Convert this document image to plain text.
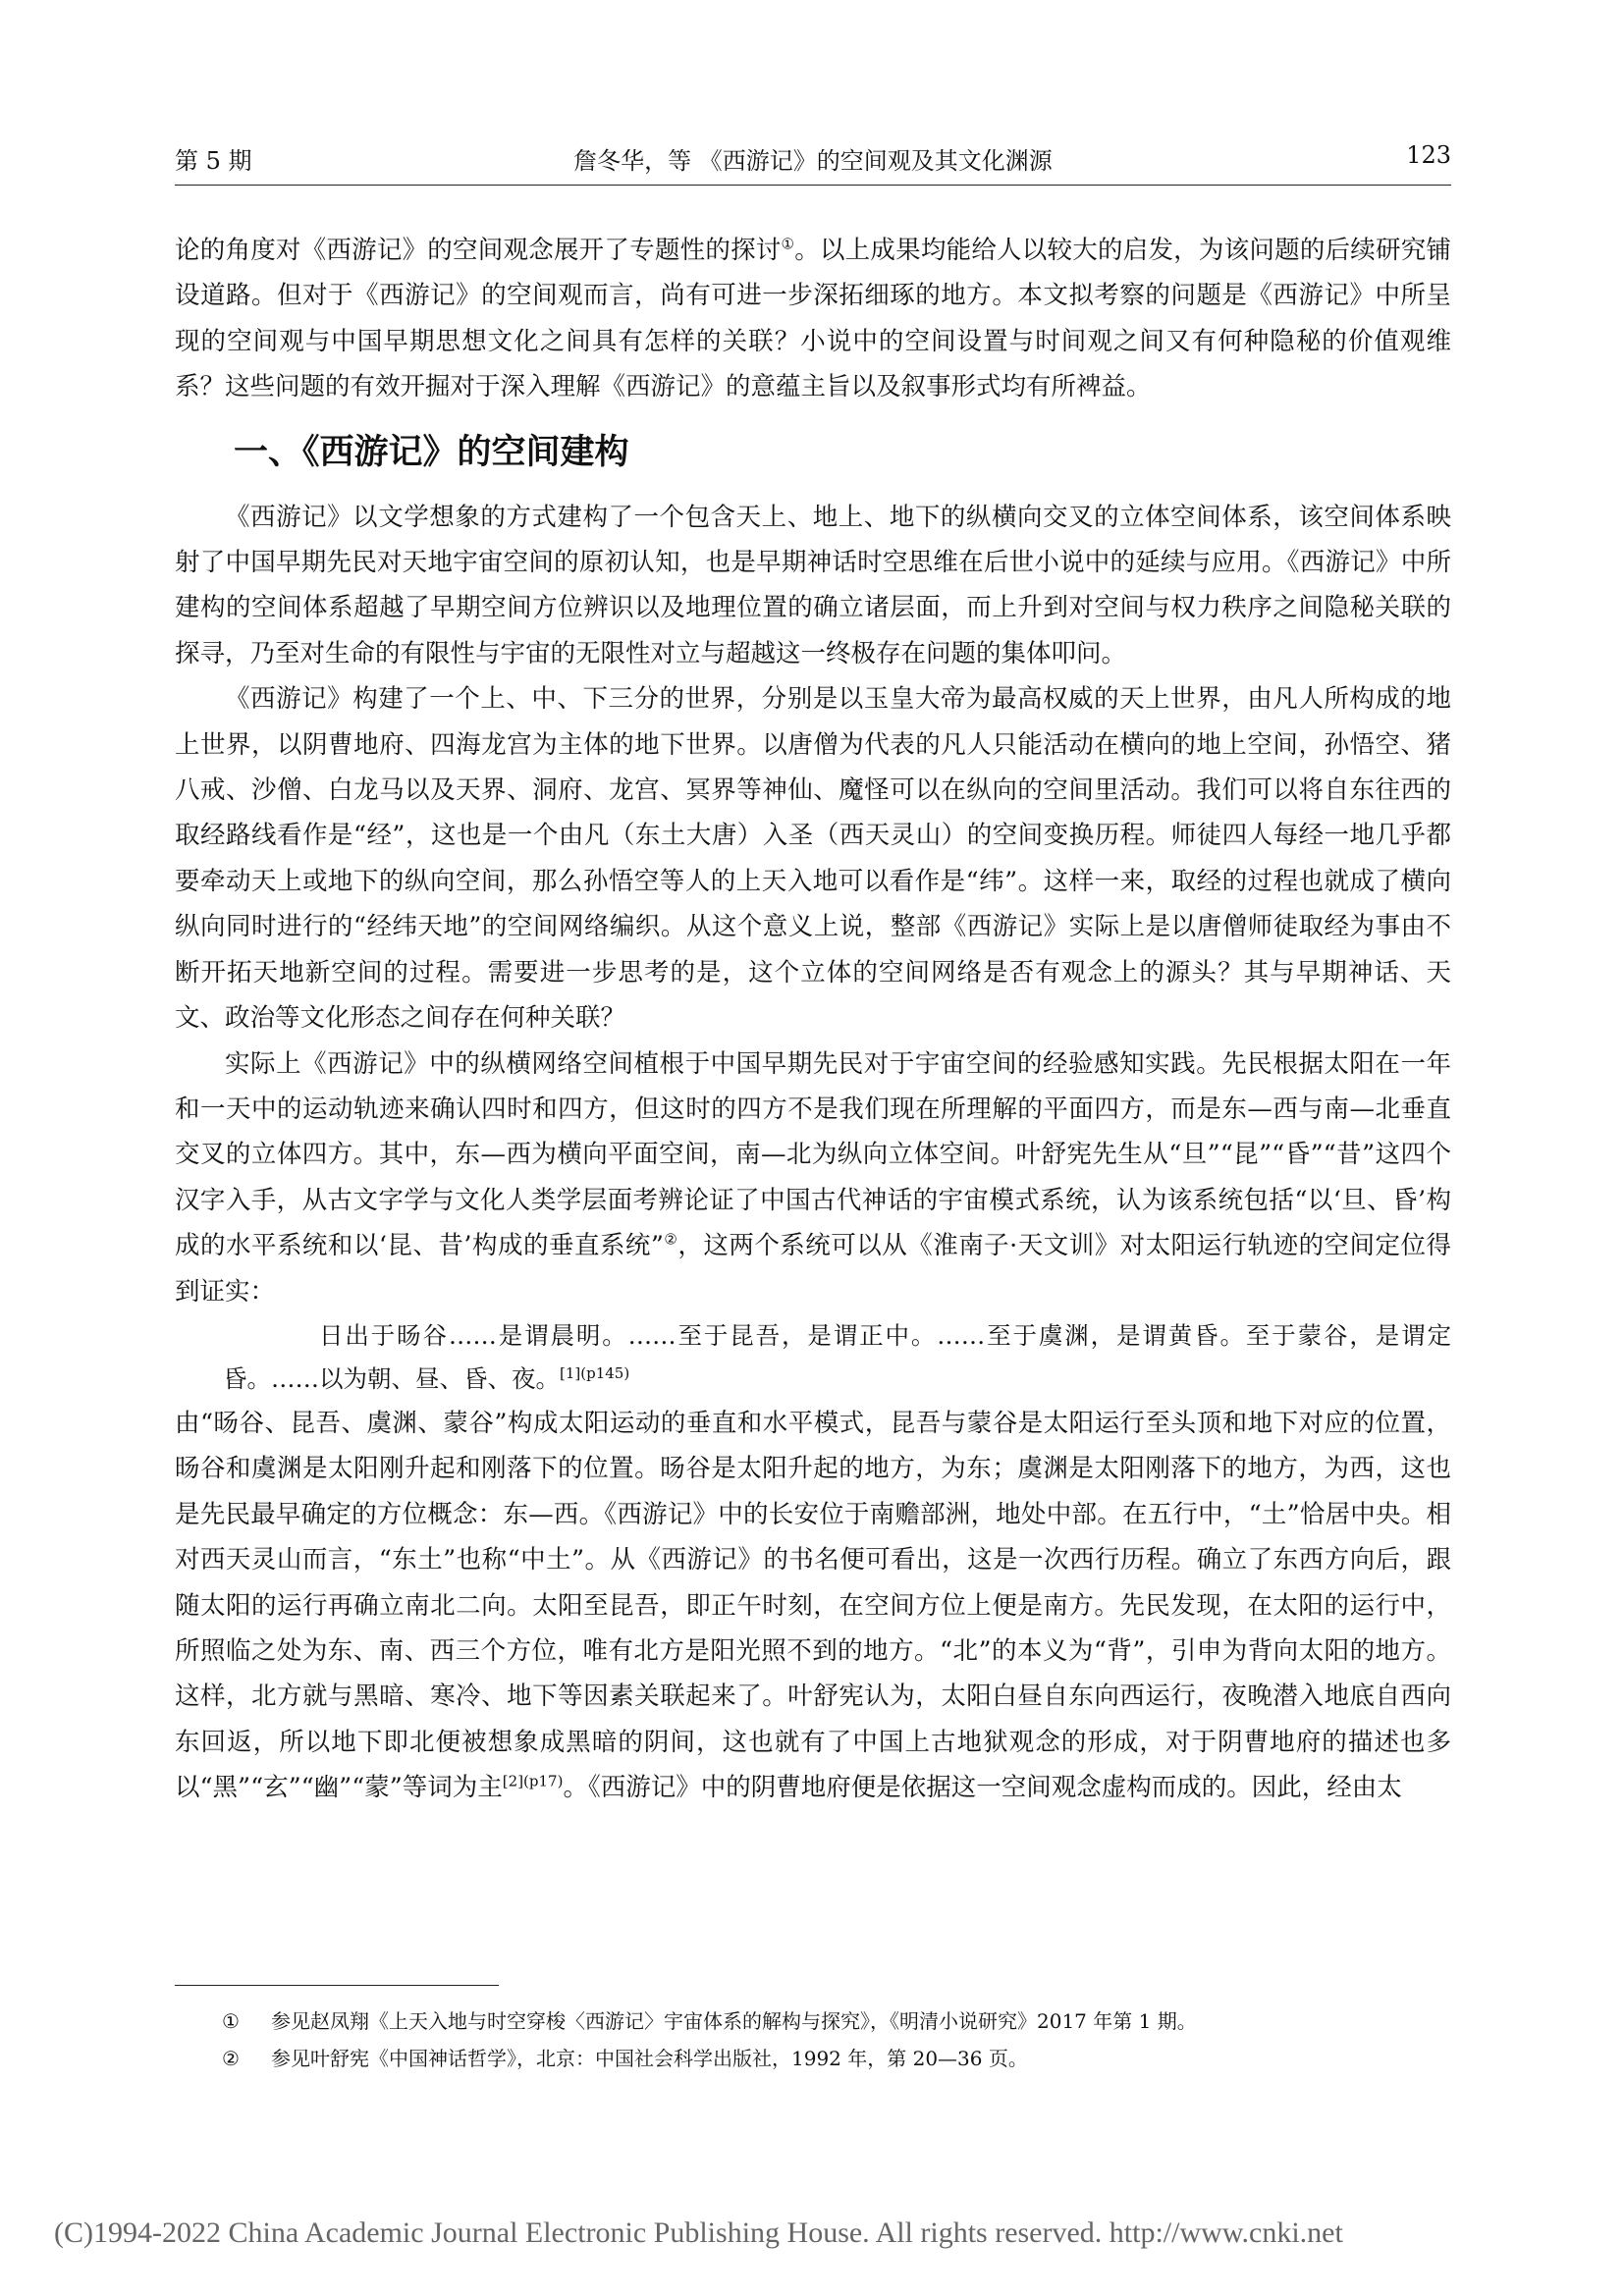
第 5 期	詹冬华，等 《西游记》的空间观及其文化渊源	123

论的角度对《西游记》的空间观念展开了专题性的探讨①。以上成果均能给人以较大的启发，为该问题的后续研究铺设道路。但对于《西游记》的空间观而言，尚有可进一步深拓细琢的地方。本文拟考察的问题是《西游记》中所呈现的空间观与中国早期思想文化之间具有怎样的关联？小说中的空间设置与时间观之间又有何种隐秘的价值观维系？这些问题的有效开掘对于深入理解《西游记》的意蕴主旨以及叙事形式均有所裨益。

一、《西游记》的空间建构

《西游记》以文学想象的方式建构了一个包含天上、地上、地下的纵横向交叉的立体空间体系，该空间体系映射了中国早期先民对天地宇宙空间的原初认知，也是早期神话时空思维在后世小说中的延续与应用。《西游记》中所建构的空间体系超越了早期空间方位辨识以及地理位置的确立诸层面，而上升到对空间与权力秩序之间隐秘关联的探寻，乃至对生命的有限性与宇宙的无限性对立与超越这一终极存在问题的集体叩问。

《西游记》构建了一个上、中、下三分的世界，分别是以玉皇大帝为最高权威的天上世界，由凡人所构成的地上世界，以阴曹地府、四海龙宫为主体的地下世界。以唐僧为代表的凡人只能活动在横向的地上空间，孙悟空、猪八戒、沙僧、白龙马以及天界、洞府、龙宫、冥界等神仙、魔怪可以在纵向的空间里活动。我们可以将自东往西的取经路线看作是“经”，这也是一个由凡（东土大唐）入圣（西天灵山）的空间变换历程。师徒四人每经一地几乎都要牵动天上或地下的纵向空间，那么孙悟空等人的上天入地可以看作是“纬”。这样一来，取经的过程也就成了横向纵向同时进行的“经纬天地”的空间网络编织。从这个意义上说，整部《西游记》实际上是以唐僧师徒取经为事由不断开拓天地新空间的过程。需要进一步思考的是，这个立体的空间网络是否有观念上的源头？其与早期神话、天文、政治等文化形态之间存在何种关联？

实际上《西游记》中的纵横网络空间植根于中国早期先民对于宇宙空间的经验感知实践。先民根据太阳在一年和一天中的运动轨迹来确认四时和四方，但这时的四方不是我们现在所理解的平面四方，而是东—西与南—北垂直交叉的立体四方。其中，东—西为横向平面空间，南—北为纵向立体空间。叶舒宪先生从“旦”“昆”“昏”“昔”这四个汉字入手，从古文字学与文化人类学层面考辨论证了中国古代神话的宇宙模式系统，认为该系统包括“以‘旦、昏’构成的水平系统和以‘昆、昔’构成的垂直系统”②，这两个系统可以从《淮南子·天文训》对太阳运行轨迹的空间定位得到证实：

日出于旸谷……是谓晨明。……至于昆吾，是谓正中。……至于虞渊，是谓黄昏。至于蒙谷，是谓定昏。……以为朝、昼、昏、夜。$^{[1](p145)}$

由“旸谷、昆吾、虞渊、蒙谷”构成太阳运动的垂直和水平模式，昆吾与蒙谷是太阳运行至头顶和地下对应的位置，旸谷和虞渊是太阳刚升起和刚落下的位置。旸谷是太阳升起的地方，为东；虞渊是太阳刚落下的地方，为西，这也是先民最早确定的方位概念：东—西。《西游记》中的长安位于南赡部洲，地处中部。在五行中，“土”恰居中央。相对西天灵山而言，“东土”也称“中土”。从《西游记》的书名便可看出，这是一次西行历程。确立了东西方向后，跟随太阳的运行再确立南北二向。太阳至昆吾，即正午时刻，在空间方位上便是南方。先民发现，在太阳的运行中，所照临之处为东、南、西三个方位，唯有北方是阳光照不到的地方。“北”的本义为“背”，引申为背向太阳的地方。这样，北方就与黑暗、寒冷、地下等因素关联起来了。叶舒宪认为，太阳白昼自东向西运行，夜晚潜入地底自西向东回返，所以地下即北便被想象成黑暗的阴间，这也就有了中国上古地狱观念的形成，对于阴曹地府的描述也多以“黑”“玄”“幽”“蒙”等词为主$^{[2](p17)}$。《西游记》中的阴曹地府便是依据这一空间观念虚构而成的。因此，经由太

① 参见赵凤翔《上天入地与时空穿梭〈西游记〉宇宙体系的解构与探究》，《明清小说研究》2017 年第 1 期。
② 参见叶舒宪《中国神话哲学》，北京：中国社会科学出版社，1992 年，第 20—36 页。
(C)1994-2022 China Academic Journal Electronic Publishing House. All rights reserved. http://www.cnki.net
